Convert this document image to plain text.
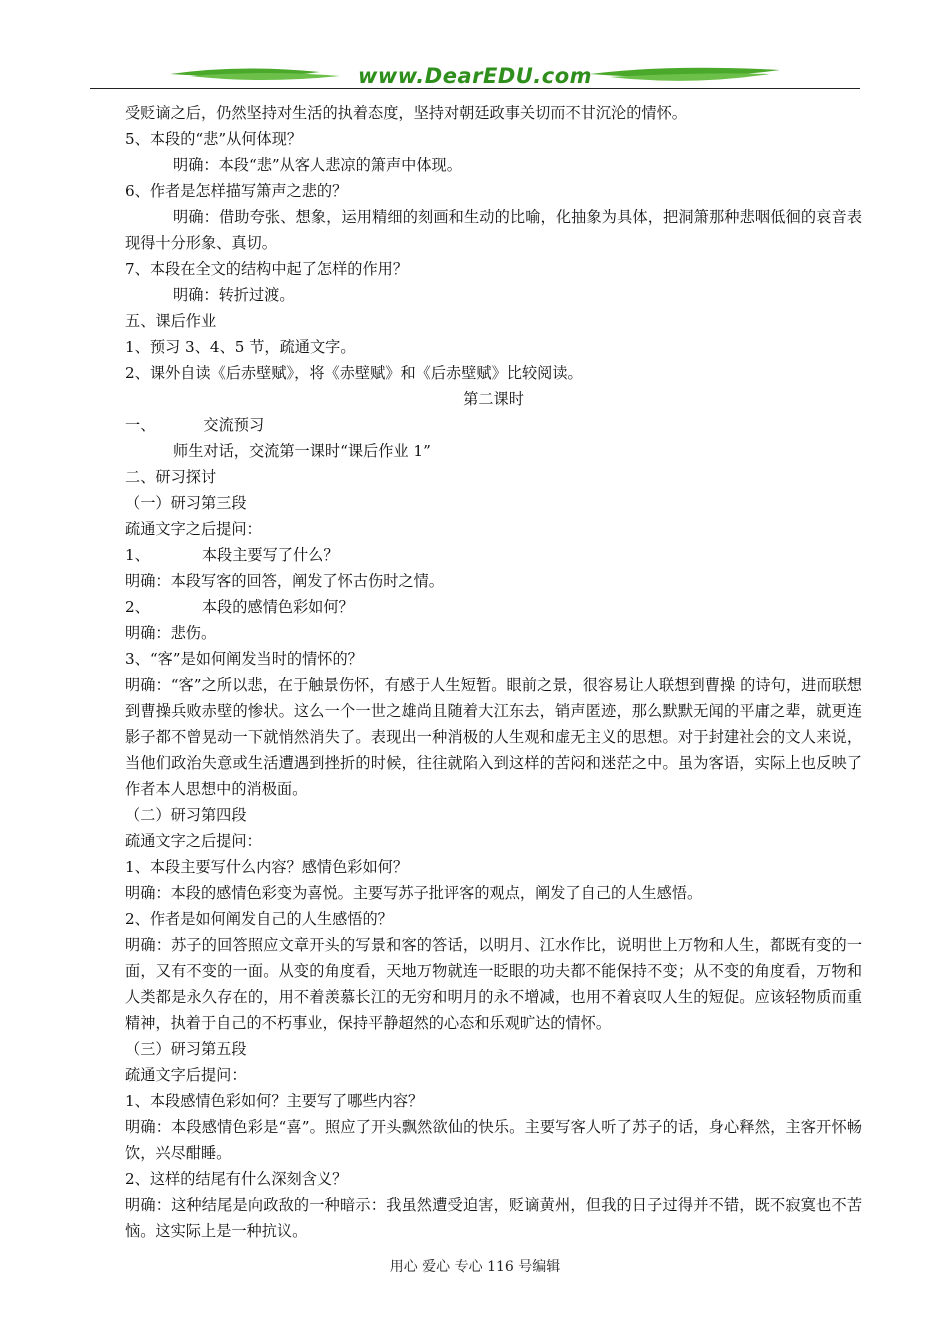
www.DearEDU.com
受贬谪之后，仍然坚持对生活的执着态度，坚持对朝廷政事关切而不甘沉沦的情怀。
5、本段的“悲”从何体现？
明确：本段“悲”从客人悲凉的箫声中体现。
6、作者是怎样描写箫声之悲的？
明确：借助夸张、想象，运用精细的刻画和生动的比喻，化抽象为具体，把洞箫那种悲咽低徊的哀音表现得十分形象、真切。
7、本段在全文的结构中起了怎样的作用？
明确：转折过渡。
五、课后作业
1、预习 3、4、5 节，疏通文字。
2、课外自读《后赤壁赋》，将《赤壁赋》和《后赤壁赋》比较阅读。
第二课时
一、	交流预习
师生对话，交流第一课时“课后作业 1”
二、研习探讨
（一）研习第三段
疏通文字之后提问：
1、	本段主要写了什么？
明确：本段写客的回答，阐发了怀古伤时之情。
2、	本段的感情色彩如何？
明确：悲伤。
3、“客”是如何阐发当时的情怀的？
明确：“客”之所以悲，在于触景伤怀，有感于人生短暂。眼前之景，很容易让人联想到曹操 的诗句，进而联想到曹操兵败赤壁的惨状。这么一个一世之雄尚且随着大江东去，销声匿迹，那么默默无闻的平庸之辈，就更连影子都不曾晃动一下就悄然消失了。表现出一种消极的人生观和虚无主义的思想。对于封建社会的文人来说，当他们政治失意或生活遭遇到挫折的时候，往往就陷入到这样的苦闷和迷茫之中。虽为客语，实际上也反映了作者本人思想中的消极面。
（二）研习第四段
疏通文字之后提问：
1、本段主要写什么内容？感情色彩如何？
明确：本段的感情色彩变为喜悦。主要写苏子批评客的观点，阐发了自己的人生感悟。
2、作者是如何阐发自己的人生感悟的？
明确：苏子的回答照应文章开头的写景和客的答话，以明月、江水作比，说明世上万物和人生，都既有变的一面，又有不变的一面。从变的角度看，天地万物就连一眨眼的功夫都不能保持不变；从不变的角度看，万物和人类都是永久存在的，用不着羡慕长江的无穷和明月的永不增减，也用不着哀叹人生的短促。应该轻物质而重精神，执着于自己的不朽事业，保持平静超然的心态和乐观旷达的情怀。
（三）研习第五段
疏通文字后提问：
1、本段感情色彩如何？主要写了哪些内容？
明确：本段感情色彩是“喜”。照应了开头飘然欲仙的快乐。主要写客人听了苏子的话，身心释然，主客开怀畅饮，兴尽酣睡。
2、这样的结尾有什么深刻含义？
明确：这种结尾是向政敌的一种暗示：我虽然遭受迫害，贬谪黄州，但我的日子过得并不错，既不寂寞也不苦恼。这实际上是一种抗议。
用心 爱心 专心 116 号编辑
